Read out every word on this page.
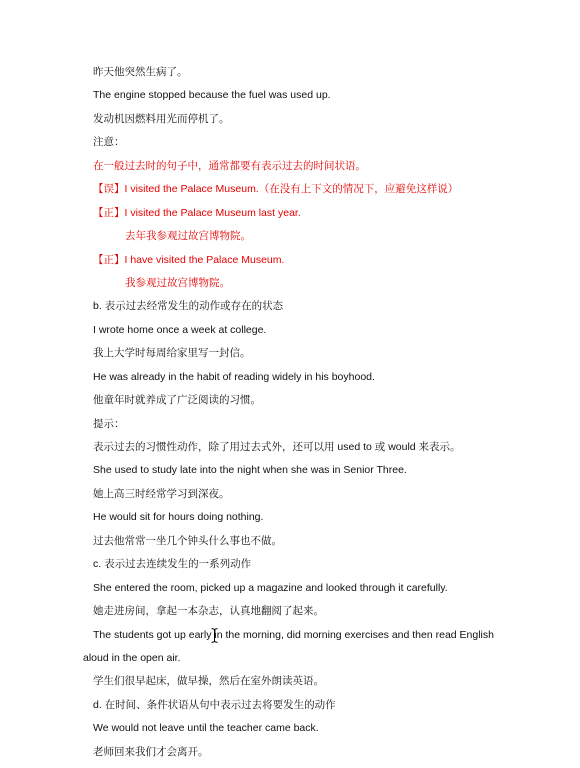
昨天他突然生病了。
The engine stopped because the fuel was used up.
发动机因燃料用光而停机了。
注意：
在一般过去时的句子中，通常都要有表示过去的时间状语。
【误】I visited the Palace Museum.（在没有上下文的情况下，应避免这样说）
【正】I visited the Palace Museum last year.
去年我参观过故宫博物院。
【正】I have visited the Palace Museum.
我参观过故宫博物院。
b. 表示过去经常发生的动作或存在的状态
I wrote home once a week at college.
我上大学时每周给家里写一封信。
He was already in the habit of reading widely in his boyhood.
他童年时就养成了广泛阅读的习惯。
提示：
表示过去的习惯性动作，除了用过去式外，还可以用 used to 或 would 来表示。
She used to study late into the night when she was in Senior Three.
她上高三时经常学习到深夜。
He would sit for hours doing nothing.
过去他常常一坐几个钟头什么事也不做。
c. 表示过去连续发生的一系列动作
She entered the room, picked up a magazine and looked through it carefully.
她走进房间，拿起一本杂志，认真地翻阅了起来。
The students got up early in the morning, did morning exercises and then read English
aloud in the open air.
学生们很早起床，做早操，然后在室外朗读英语。
d. 在时间、条件状语从句中表示过去将要发生的动作
We would not leave until the teacher came back.
老师回来我们才会离开。
